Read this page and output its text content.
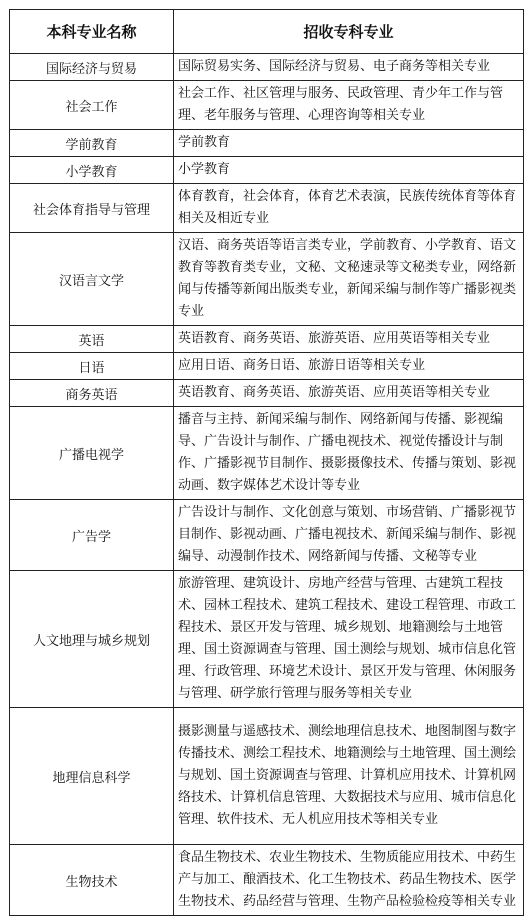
本科专业名称	招收专科专业
国际经济与贸易	国际贸易实务、国际经济与贸易、电子商务等相关专业
社会工作	社会工作、社区管理与服务、民政管理、青少年工作与管理、老年服务与管理、心理咨询等相关专业
学前教育	学前教育
小学教育	小学教育
社会体育指导与管理	体育教育，社会体育，体育艺术表演，民族传统体育等体育相关及相近专业
汉语言文学	汉语、商务英语等语言类专业，学前教育、小学教育、语文教育等教育类专业，文秘、文秘速录等文秘类专业，网络新闻与传播等新闻出版类专业，新闻采编与制作等广播影视类专业
英语	英语教育、商务英语、旅游英语、应用英语等相关专业
日语	应用日语、商务日语、旅游日语等相关专业
商务英语	英语教育、商务英语、旅游英语、应用英语等相关专业
广播电视学	播音与主持、新闻采编与制作、网络新闻与传播、影视编导、广告设计与制作、广播电视技术、视觉传播设计与制作、广播影视节目制作、摄影摄像技术、传播与策划、影视动画、数字媒体艺术设计等专业
广告学	广告设计与制作、文化创意与策划、市场营销、广播影视节目制作、影视动画、广播电视技术、新闻采编与制作、影视编导、动漫制作技术、网络新闻与传播、文秘等专业
人文地理与城乡规划	旅游管理、建筑设计、房地产经营与管理、古建筑工程技术、园林工程技术、建筑工程技术、建设工程管理、市政工程技术、景区开发与管理、城乡规划、地籍测绘与土地管理、国土资源调查与管理、国土测绘与规划、城市信息化管理、行政管理、环境艺术设计、景区开发与管理、休闲服务与管理、研学旅行管理与服务等相关专业
地理信息科学	摄影测量与遥感技术、测绘地理信息技术、地图制图与数字传播技术、测绘工程技术、地籍测绘与土地管理、国土测绘与规划、国土资源调查与管理、计算机应用技术、计算机网络技术、计算机信息管理、大数据技术与应用、城市信息化管理、软件技术、无人机应用技术等相关专业
生物技术	食品生物技术、农业生物技术、生物质能应用技术、中药生产与加工、酿酒技术、化工生物技术、药品生物技术、医学生物技术、药品经营与管理、生物产品检验检疫等相关专业
